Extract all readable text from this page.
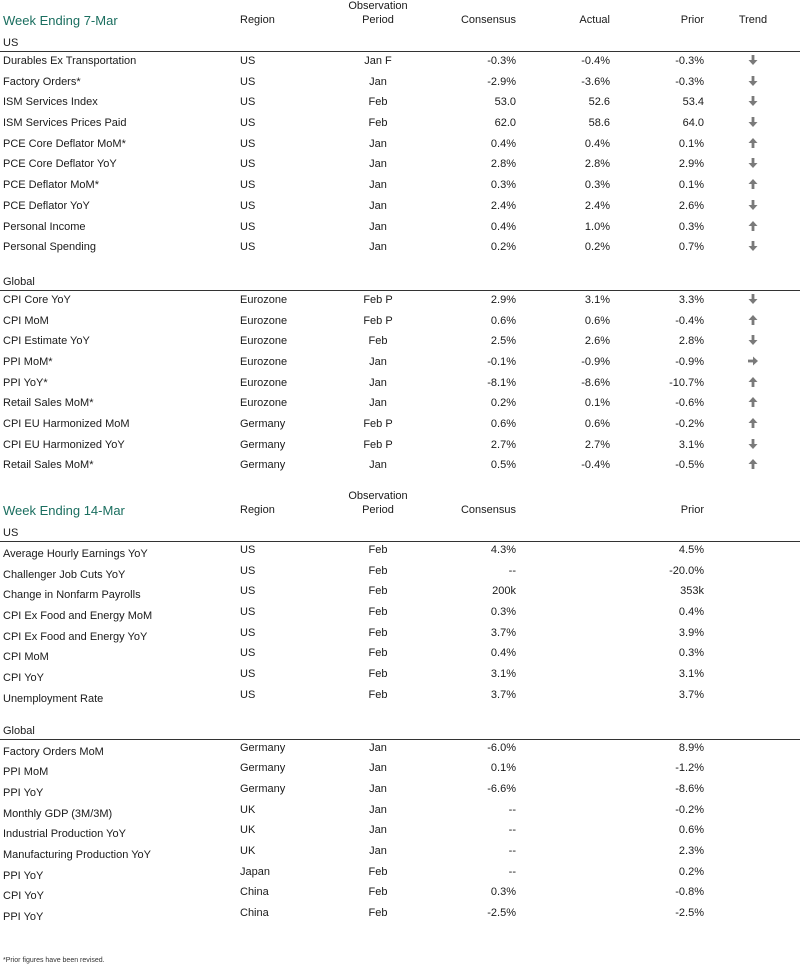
Observation
Week Ending 7-Mar	Region	Period	Consensus	Actual	Prior	Trend
US
Durables Ex Transportation	US	Jan F	-0.3%	-0.4%	-0.3%
Factory Orders*	US	Jan	-2.9%	-3.6%	-0.3%
ISM Services Index	US	Feb	53.0	52.6	53.4
ISM Services Prices Paid	US	Feb	62.0	58.6	64.0
PCE Core Deflator MoM*	US	Jan	0.4%	0.4%	0.1%
PCE Core Deflator YoY	US	Jan	2.8%	2.8%	2.9%
PCE Deflator MoM*	US	Jan	0.3%	0.3%	0.1%
PCE Deflator YoY	US	Jan	2.4%	2.4%	2.6%
Personal Income	US	Jan	0.4%	1.0%	0.3%
Personal Spending	US	Jan	0.2%	0.2%	0.7%
Global
CPI Core YoY	Eurozone	Feb P	2.9%	3.1%	3.3%
CPI MoM	Eurozone	Feb P	0.6%	0.6%	-0.4%
CPI Estimate YoY	Eurozone	Feb	2.5%	2.6%	2.8%
PPI MoM*	Eurozone	Jan	-0.1%	-0.9%	-0.9%
PPI YoY*	Eurozone	Jan	-8.1%	-8.6%	-10.7%
Retail Sales MoM*	Eurozone	Jan	0.2%	0.1%	-0.6%
CPI EU Harmonized MoM	Germany	Feb P	0.6%	0.6%	-0.2%
CPI EU Harmonized YoY	Germany	Feb P	2.7%	2.7%	3.1%
Retail Sales MoM*	Germany	Jan	0.5%	-0.4%	-0.5%
Observation
Week Ending 14-Mar	Region	Period	Consensus	Prior
US
Average Hourly Earnings YoY	US	Feb	4.3%	4.5%
Challenger Job Cuts YoY	US	Feb	--	-20.0%
Change in Nonfarm Payrolls	US	Feb	200k	353k
CPI Ex Food and Energy MoM	US	Feb	0.3%	0.4%
CPI Ex Food and Energy YoY	US	Feb	3.7%	3.9%
CPI MoM	US	Feb	0.4%	0.3%
CPI YoY	US	Feb	3.1%	3.1%
Unemployment Rate	US	Feb	3.7%	3.7%
Global
Factory Orders MoM	Germany	Jan	-6.0%	8.9%
PPI MoM	Germany	Jan	0.1%	-1.2%
PPI YoY	Germany	Jan	-6.6%	-8.6%
Monthly GDP (3M/3M)	UK	Jan	--	-0.2%
Industrial Production YoY	UK	Jan	--	0.6%
Manufacturing Production YoY	UK	Jan	--	2.3%
PPI YoY	Japan	Feb	--	0.2%
CPI YoY	China	Feb	0.3%	-0.8%
PPI YoY	China	Feb	-2.5%	-2.5%
*Prior figures have been revised.
